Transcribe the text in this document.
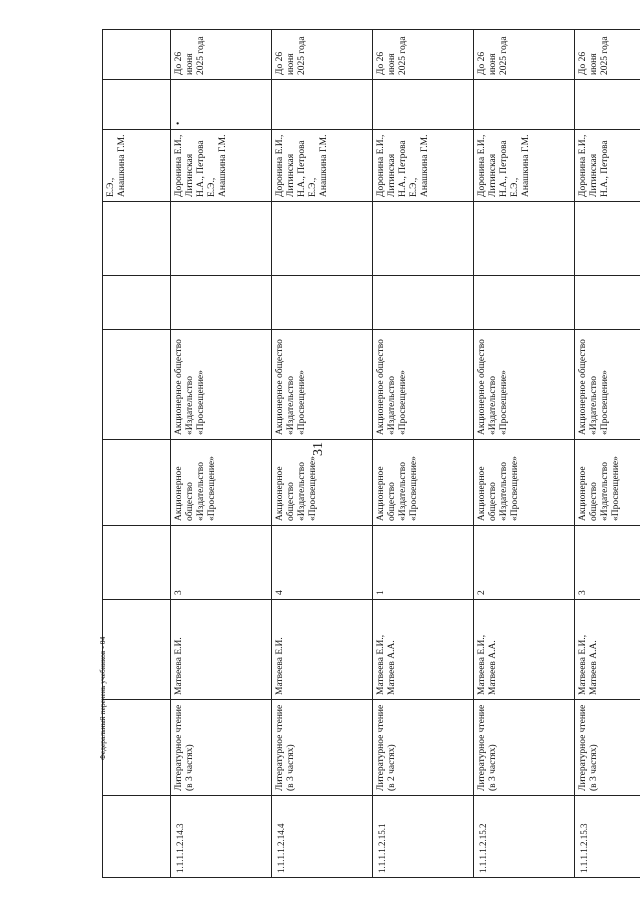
31
								Е.Э., Анашкина Г.М.		
1.1.1.1.2.14.3	Литературное чтение (в 3 частях)	Матвеева Е.И.	3	Акционерное общество «Издательство «Просвещение»	Акционерное общество «Издательство «Просвещение»			Доронина Е.И., Литинская Н.А., Петрова Е.Э., Анашкина Г.М.	•	До 26 июня 2025 года
1.1.1.1.2.14.4	Литературное чтение (в 3 частях)	Матвеева Е.И.	4	Акционерное общество «Издательство «Просвещение»	Акционерное общество «Издательство «Просвещение»			Доронина Е.И., Литинская Н.А., Петрова Е.Э., Анашкина Г.М.		До 26 июня 2025 года
1.1.1.1.2.15.1	Литературное чтение (в 2 частях)	Матвеева Е.И., Матвеев А.А.	1	Акционерное общество «Издательство «Просвещение»	Акционерное общество «Издательство «Просвещение»			Доронина Е.И., Литинская Н.А., Петрова Е.Э., Анашкина Г.М.		До 26 июня 2025 года
1.1.1.1.2.15.2	Литературное чтение (в 3 частях)	Матвеева Е.И., Матвеев А.А.	2	Акционерное общество «Издательство «Просвещение»	Акционерное общество «Издательство «Просвещение»			Доронина Е.И., Литинская Н.А., Петрова Е.Э., Анашкина Г.М.		До 26 июня 2025 года
1.1.1.1.2.15.3	Литературное чтение (в 3 частях)	Матвеева Е.И., Матвеев А.А.	3	Акционерное общество «Издательство «Просвещение»	Акционерное общество «Издательство «Просвещение»			Доронина Е.И., Литинская Н.А., Петрова		До 26 июня 2025 года
Федеральный перечень учебников - 04
